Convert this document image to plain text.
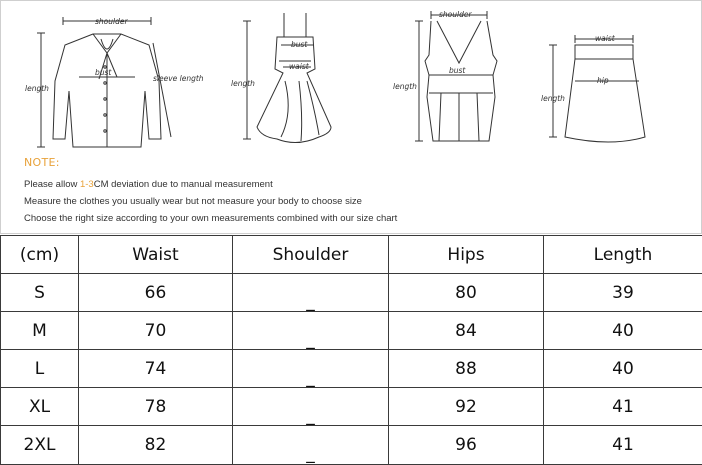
shoulder
bust
length
sleeve length
bust
waist
length
shoulder
bust
length
waist
hip
length
NOTE:
Please allow 1-3CM deviation due to manual measurement
Measure the clothes you usually wear but not measure your body to choose size
Choose the right size according to your own measurements combined with our size chart
(cm)	Waist	Shoulder	Hips	Length
S	66	_	80	39
M	70	_	84	40
L	74	_	88	40
XL	78	_	92	41
2XL	82	_	96	41
